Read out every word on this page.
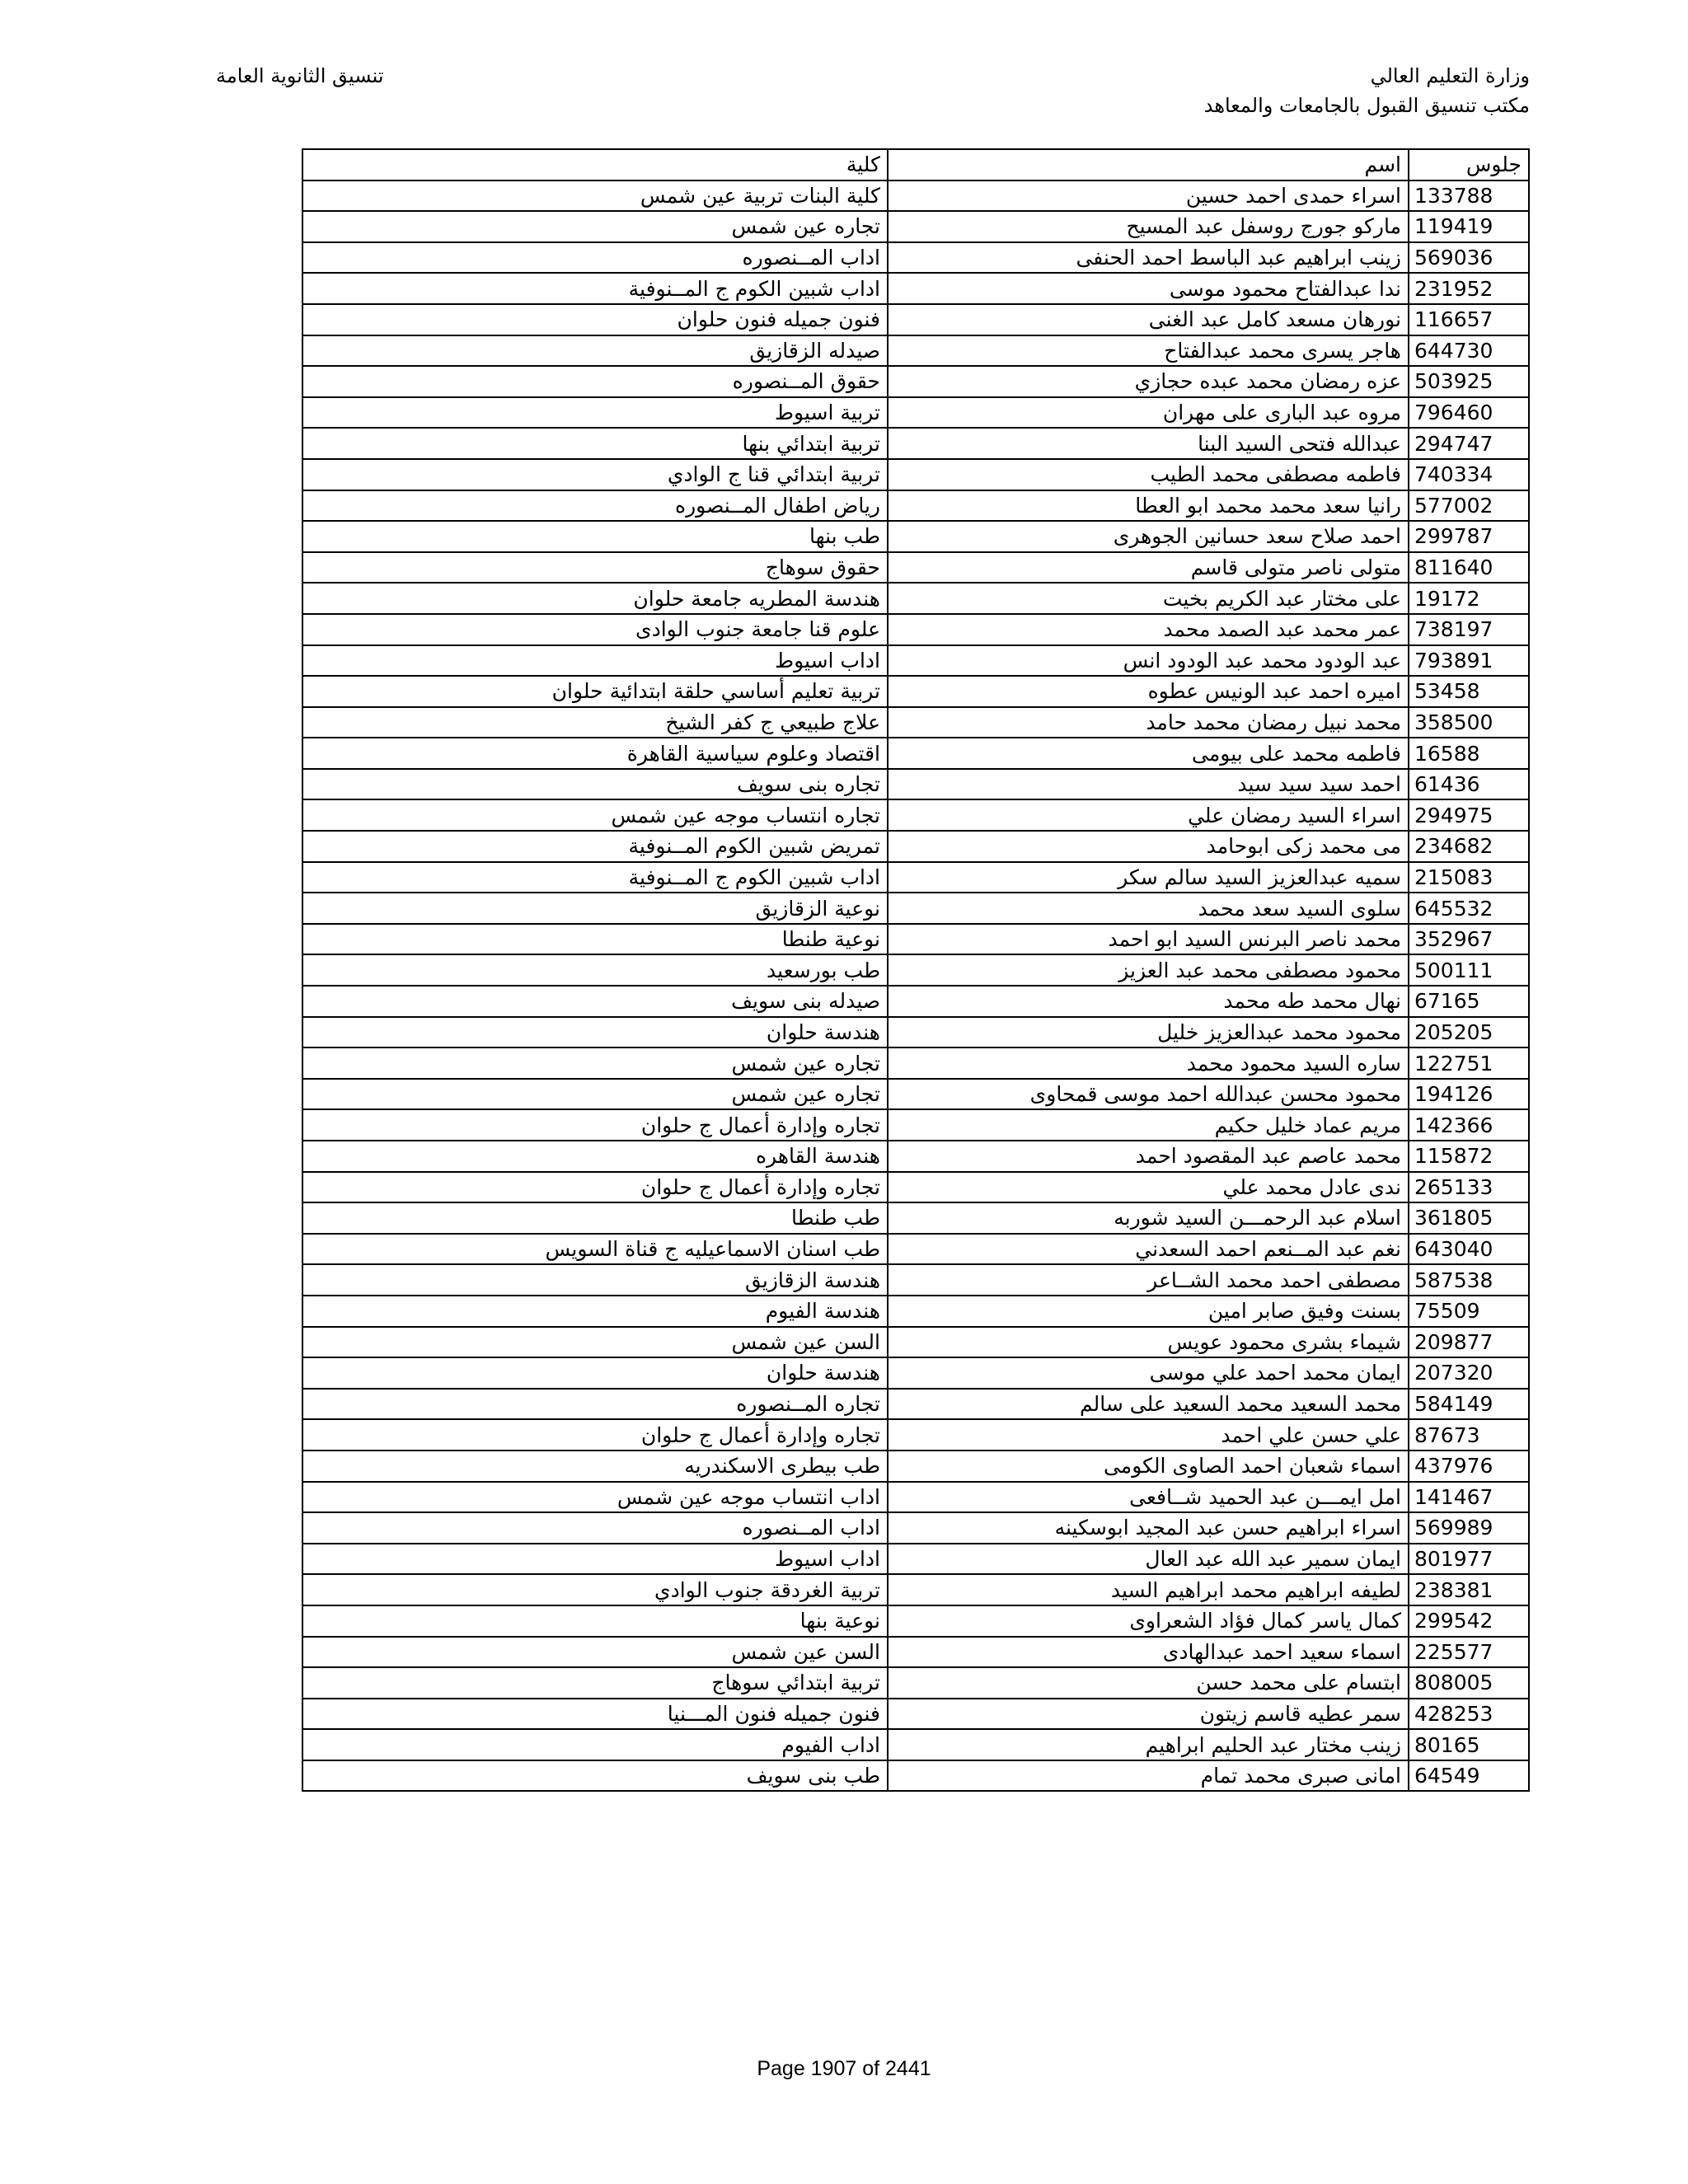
وزارة التعليم العالي
مكتب تنسيق القبول بالجامعات والمعاهد
تنسيق الثانوية العامة
جلوس	اسم	كلية
133788	اسراء حمدى احمد حسين	كلية البنات تربية عين شمس
119419	ماركو جورج روسفل عبد المسيح	تجاره عين شمس
569036	زينب ابراهيم عبد الباسط احمد الحنفى	اداب المــنصوره
231952	ندا عبدالفتاح محمود موسى	اداب شبين الكوم ج المــنوفية
116657	نورهان مسعد كامل عبد الغنى	فنون جميله فنون حلوان
644730	هاجر يسرى محمد عبدالفتاح	صيدله الزقازيق
503925	عزه رمضان محمد عبده حجازي	حقوق المــنصوره
796460	مروه عبد البارى على مهران	تربية اسيوط
294747	عبدالله فتحى السيد البنا	تربية ابتدائي بنها
740334	فاطمه مصطفى محمد الطيب	تربية ابتدائي قنا ج الوادي
577002	رانيا سعد محمد محمد ابو العطا	رياض اطفال المــنصوره
299787	احمد صلاح سعد حسانين الجوهرى	طب بنها
811640	متولى ناصر متولى قاسم	حقوق سوهاج
19172	على مختار عبد الكريم بخيت	هندسة المطريه جامعة حلوان
738197	عمر محمد عبد الصمد محمد	علوم قنا جامعة جنوب الوادى
793891	عبد الودود محمد عبد الودود انس	اداب اسيوط
53458	اميره احمد عبد الونيس عطوه	تربية تعليم أساسي حلقة ابتدائية حلوان
358500	محمد نبيل رمضان محمد حامد	علاج طبيعي ج كفر الشيخ
16588	فاطمه محمد على بيومى	اقتصاد وعلوم سياسية القاهرة
61436	احمد سيد سيد سيد	تجاره بنى سويف
294975	اسراء السيد رمضان علي	تجاره انتساب موجه عين شمس
234682	مى محمد زكى ابوحامد	تمريض شبين الكوم المــنوفية
215083	سميه عبدالعزيز السيد سالم سكر	اداب شبين الكوم ج المــنوفية
645532	سلوى السيد سعد محمد	نوعية الزقازيق
352967	محمد ناصر البرنس السيد ابو احمد	نوعية طنطا
500111	محمود مصطفى محمد عبد العزيز	طب بورسعيد
67165	نهال محمد طه محمد	صيدله بنى سويف
205205	محمود محمد عبدالعزيز خليل	هندسة حلوان
122751	ساره السيد محمود محمد	تجاره عين شمس
194126	محمود محسن عبدالله احمد موسى قمحاوى	تجاره عين شمس
142366	مريم عماد خليل حكيم	تجاره وإدارة أعمال ج حلوان
115872	محمد عاصم عبد المقصود احمد	هندسة القاهره
265133	ندى عادل محمد علي	تجاره وإدارة أعمال ج حلوان
361805	اسلام عبد الرحمـــن السيد شوربه	طب طنطا
643040	نغم عبد المــنعم احمد السعدني	طب اسنان الاسماعيليه ج قناة السويس
587538	مصطفى احمد محمد الشــاعر	هندسة الزقازيق
75509	بسنت وفيق صابر امين	هندسة الفيوم
209877	شيماء بشرى محمود عويس	السن عين شمس
207320	ايمان محمد احمد علي موسى	هندسة حلوان
584149	محمد السعيد محمد السعيد على سالم	تجاره المــنصوره
87673	علي حسن علي احمد	تجاره وإدارة أعمال ج حلوان
437976	اسماء شعبان احمد الصاوى الكومى	طب بيطرى الاسكندريه
141467	امل ايمـــن عبد الحميد شــافعى	اداب انتساب موجه عين شمس
569989	اسراء ابراهيم حسن عبد المجيد ابوسكينه	اداب المــنصوره
801977	ايمان سمير عبد الله عبد العال	اداب اسيوط
238381	لطيفه ابراهيم محمد ابراهيم السيد	تربية الغردقة جنوب الوادي
299542	كمال ياسر كمال فؤاد الشعراوى	نوعية بنها
225577	اسماء سعيد احمد عبدالهادى	السن عين شمس
808005	ابتسام على محمد حسن	تربية ابتدائي سوهاج
428253	سمر عطيه قاسم زيتون	فنون جميله فنون المـــنيا
80165	زينب مختار عبد الحليم ابراهيم	اداب الفيوم
64549	امانى صبرى محمد تمام	طب بنى سويف
Page 1907 of 2441
